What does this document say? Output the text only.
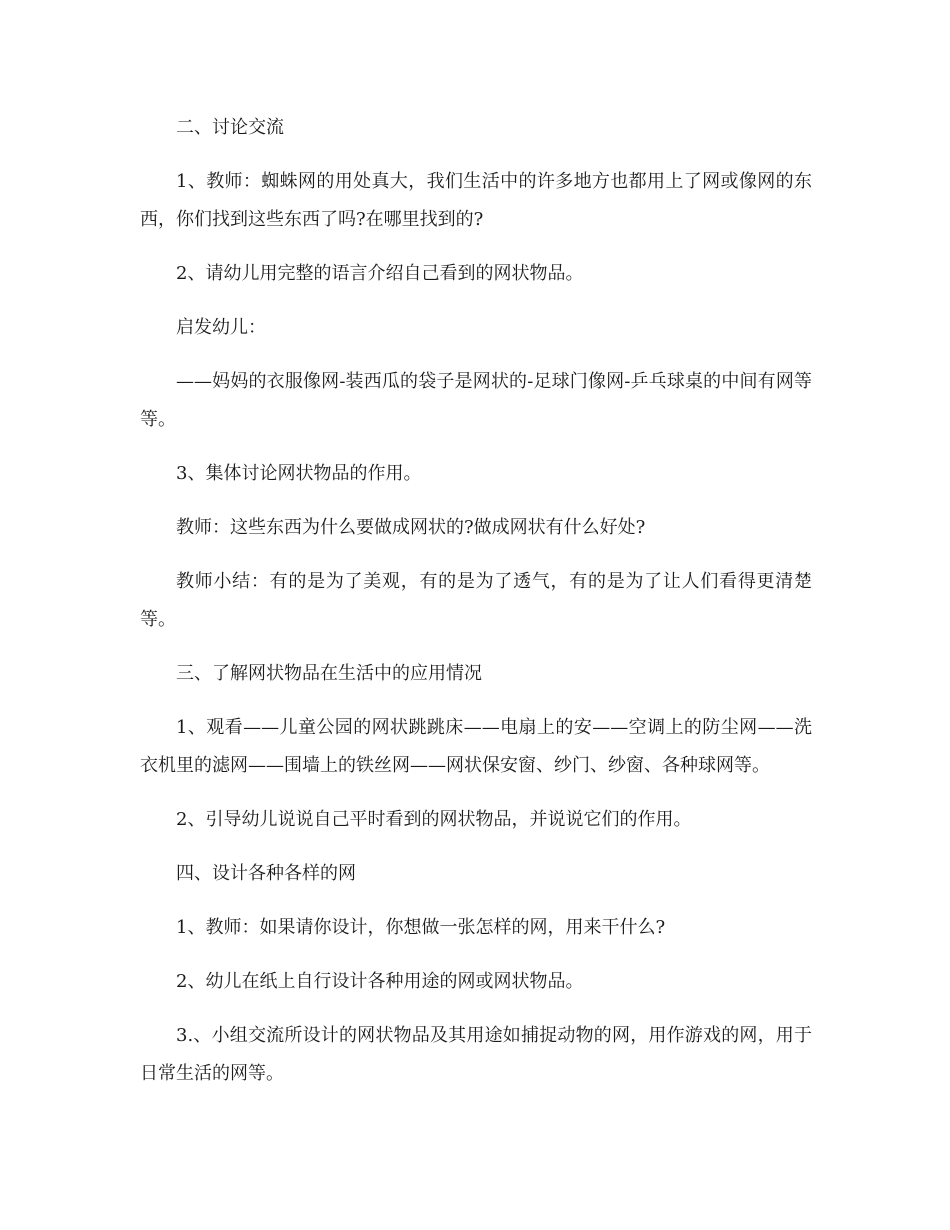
二、讨论交流

1、教师：蜘蛛网的用处真大，我们生活中的许多地方也都用上了网或像网的东西，你们找到这些东西了吗?在哪里找到的?

2、请幼儿用完整的语言介绍自己看到的网状物品。

启发幼儿：

——妈妈的衣服像网-装西瓜的袋子是网状的-足球门像网-乒乓球桌的中间有网等等。

3、集体讨论网状物品的作用。

教师：这些东西为什么要做成网状的?做成网状有什么好处?

教师小结：有的是为了美观，有的是为了透气，有的是为了让人们看得更清楚等。

三、了解网状物品在生活中的应用情况

1、观看——儿童公园的网状跳跳床——电扇上的安——空调上的防尘网——洗衣机里的滤网——围墙上的铁丝网——网状保安窗、纱门、纱窗、各种球网等。

2、引导幼儿说说自己平时看到的网状物品，并说说它们的作用。

四、设计各种各样的网

1、教师：如果请你设计，你想做一张怎样的网，用来干什么?

2、幼儿在纸上自行设计各种用途的网或网状物品。

3.、小组交流所设计的网状物品及其用途如捕捉动物的网，用作游戏的网，用于日常生活的网等。
